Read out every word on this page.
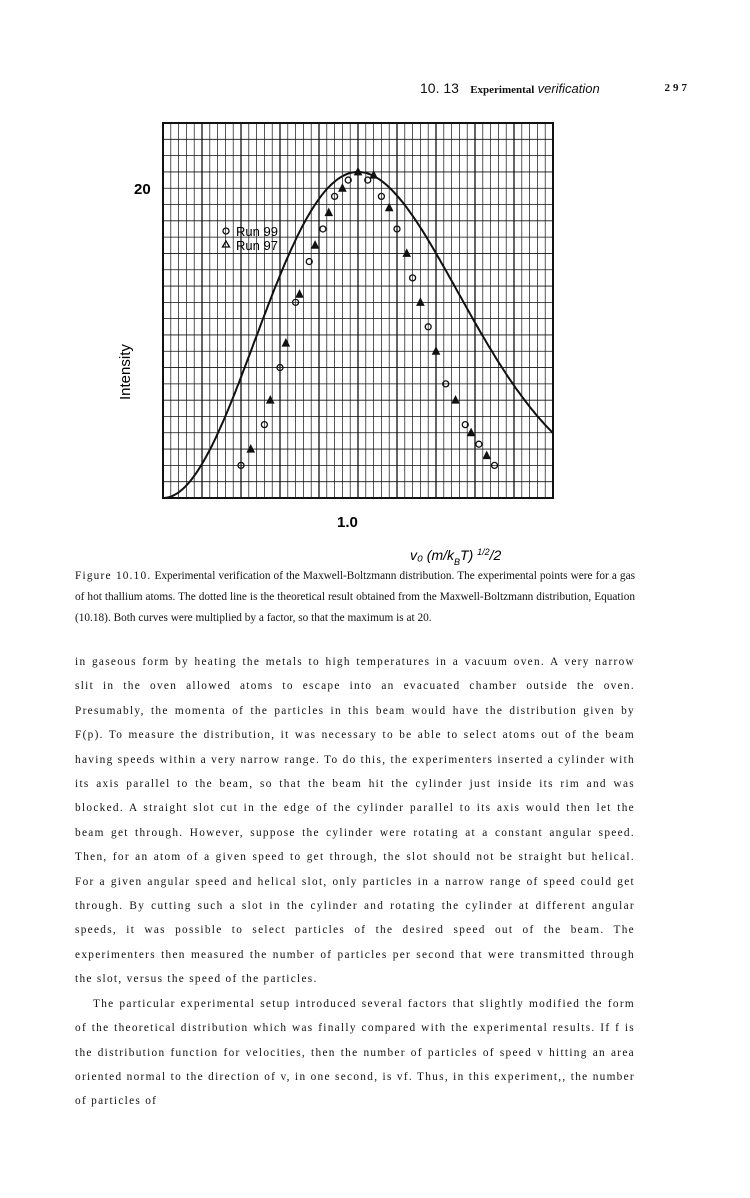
10. 13 Experimental verification	297
20
1.0
Intensity
Run 99
Run 97
v₀ $(m/k_BT)$ $^{1/2}$/2
Figure 10.10. Experimental verification of the Maxwell-Boltzmann distribution. The experimental points were for a gas of hot thallium atoms. The dotted line is the theoretical result obtained from the Maxwell-Boltzmann distribution, Equation (10.18). Both curves were multiplied by a factor, so that the maximum is at 20.

in gaseous form by heating the metals to high temperatures in a vacuum oven. A very narrow slit in the oven allowed atoms to escape into an evacuated chamber outside the oven. Presumably, the momenta of the particles in this beam would have the distribution given by F(p). To measure the distribution, it was necessary to be able to select atoms out of the beam having speeds within a very narrow range. To do this, the experimenters inserted a cylinder with its axis parallel to the beam, so that the beam hit the cylinder just inside its rim and was blocked. A straight slot cut in the edge of the cylinder parallel to its axis would then let the beam get through. However, suppose the cylinder were rotating at a constant angular speed. Then, for an atom of a given speed to get through, the slot should not be straight but helical. For a given angular speed and helical slot, only particles in a narrow range of speed could get through. By cutting such a slot in the cylinder and rotating the cylinder at different angular speeds, it was possible to select particles of the desired speed out of the beam. The experimenters then measured the number of particles per second that were transmitted through the slot, versus the speed of the particles.

The particular experimental setup introduced several factors that slightly modified the form of the theoretical distribution which was finally compared with the experimental results. If f is the distribution function for velocities, then the number of particles of speed v hitting an area oriented normal to the direction of v, in one second, is vf. Thus, in this experiment,, the number of particles of
